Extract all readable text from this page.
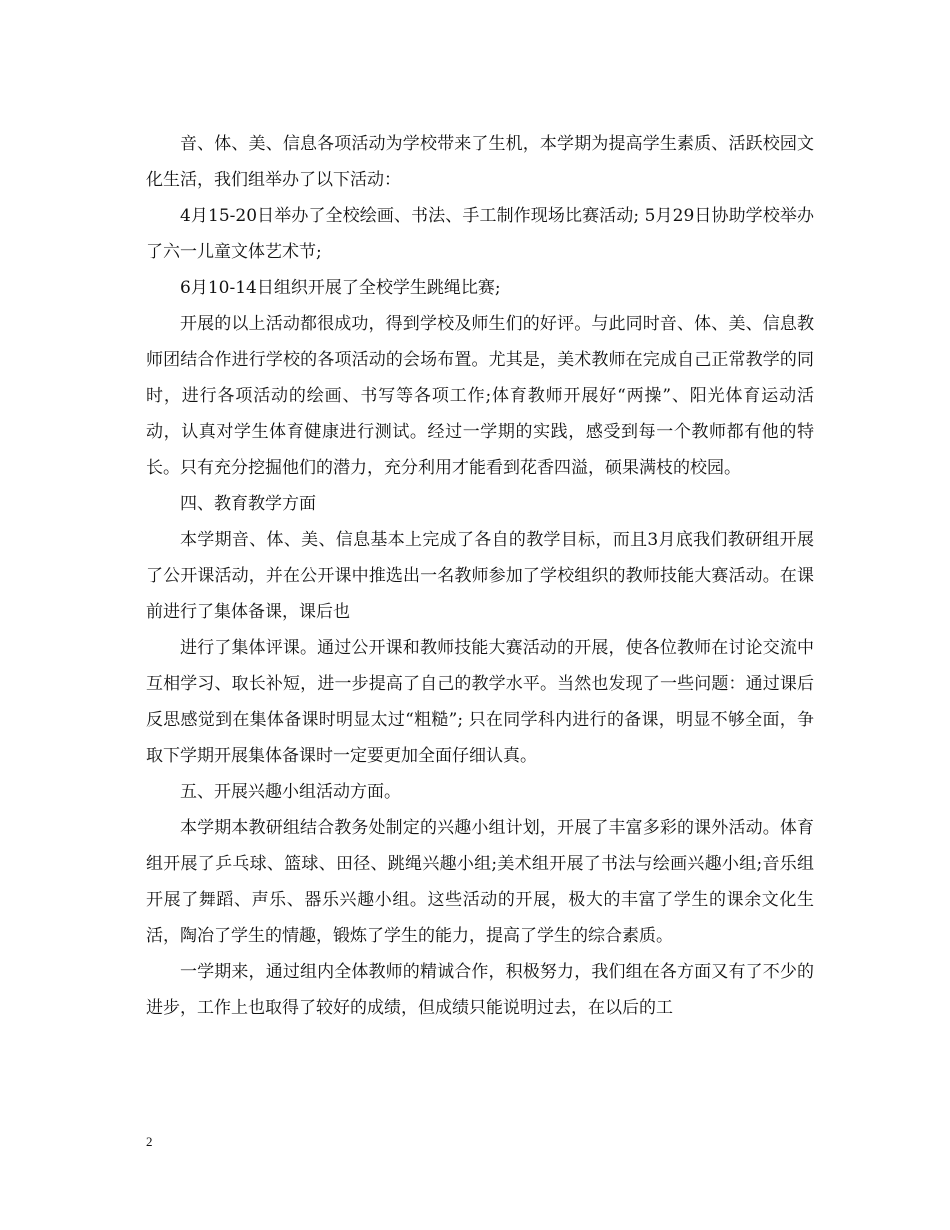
音、体、美、信息各项活动为学校带来了生机，本学期为提高学生素质、活跃校园文化生活，我们组举办了以下活动：

4月15-20日举办了全校绘画、书法、手工制作现场比赛活动; 5月29日协助学校举办了六一儿童文体艺术节;

6月10-14日组织开展了全校学生跳绳比赛;

开展的以上活动都很成功，得到学校及师生们的好评。与此同时音、体、美、信息教师团结合作进行学校的各项活动的会场布置。尤其是，美术教师在完成自己正常教学的同时，进行各项活动的绘画、书写等各项工作;体育教师开展好“两操”、阳光体育运动活动，认真对学生体育健康进行测试。经过一学期的实践，感受到每一个教师都有他的特长。只有充分挖掘他们的潜力，充分利用才能看到花香四溢，硕果满枝的校园。

四、教育教学方面

本学期音、体、美、信息基本上完成了各自的教学目标，而且3月底我们教研组开展了公开课活动，并在公开课中推选出一名教师参加了学校组织的教师技能大赛活动。在课前进行了集体备课，课后也

进行了集体评课。通过公开课和教师技能大赛活动的开展，使各位教师在讨论交流中互相学习、取长补短，进一步提高了自己的教学水平。当然也发现了一些问题：通过课后反思感觉到在集体备课时明显太过“粗糙”; 只在同学科内进行的备课，明显不够全面，争取下学期开展集体备课时一定要更加全面仔细认真。

五、开展兴趣小组活动方面。

本学期本教研组结合教务处制定的兴趣小组计划，开展了丰富多彩的课外活动。体育组开展了乒乓球、篮球、田径、跳绳兴趣小组;美术组开展了书法与绘画兴趣小组;音乐组开展了舞蹈、声乐、器乐兴趣小组。这些活动的开展，极大的丰富了学生的课余文化生活，陶冶了学生的情趣，锻炼了学生的能力，提高了学生的综合素质。

一学期来，通过组内全体教师的精诚合作，积极努力，我们组在各方面又有了不少的进步，工作上也取得了较好的成绩，但成绩只能说明过去，在以后的工

2
